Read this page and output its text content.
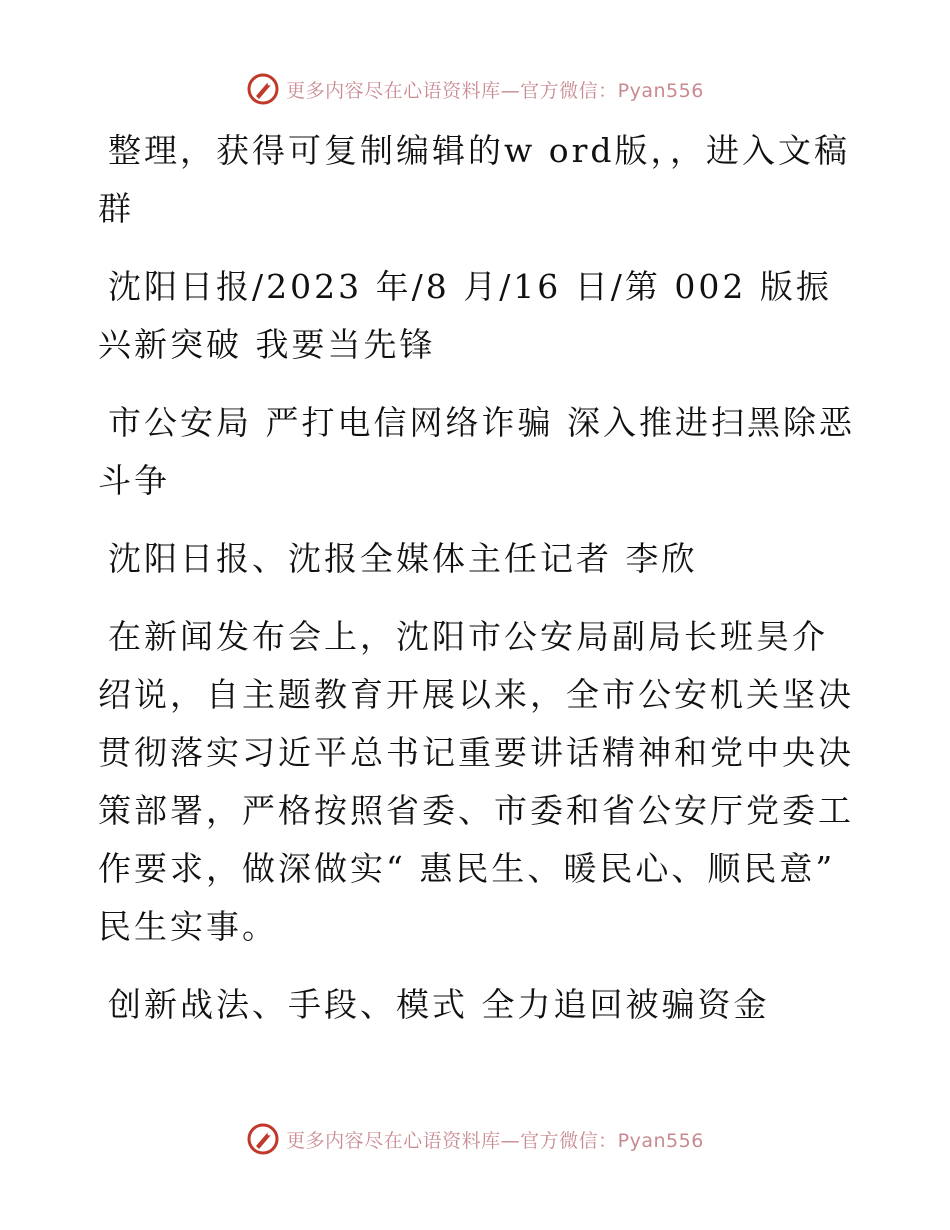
更多内容尽在心语资料库—官方微信：Pyan556

整理，获得可复制编辑的w ord版，，进入文稿群

沈阳日报/2023 年/8 月/16 日/第 002 版振兴新突破 我要当先锋

市公安局 严打电信网络诈骗 深入推进扫黑除恶斗争

沈阳日报、沈报全媒体主任记者 李欣

在新闻发布会上，沈阳市公安局副局长班昊介绍说，自主题教育开展以来，全市公安机关坚决贯彻落实习近平总书记重要讲话精神和党中央决策部署，严格按照省委、市委和省公安厅党委工作要求，做深做实“ 惠民生、暖民心、顺民意” 民生实事。

创新战法、手段、模式 全力追回被骗资金

更多内容尽在心语资料库—官方微信：Pyan556
